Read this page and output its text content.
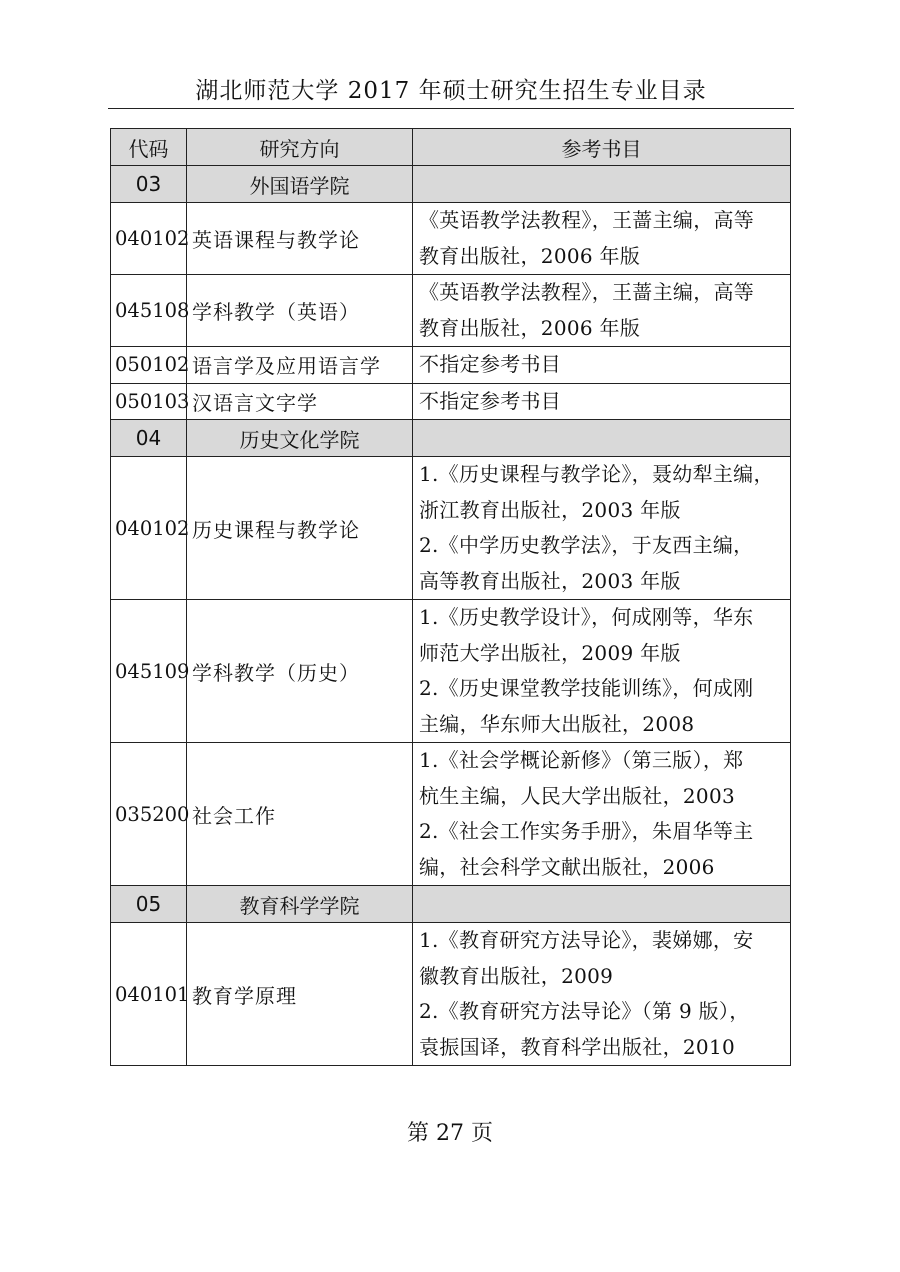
湖北师范大学 2017 年硕士研究生招生专业目录
代码	研究方向	参考书目
03	外国语学院	
040102	英语课程与教学论	《英语教学法教程》，王蔷主编，高等
教育出版社，2006 年版

045108	学科教学（英语）	《英语教学法教程》，王蔷主编，高等
教育出版社，2006 年版

050102	语言学及应用语言学	不指定参考书目

050103	汉语言文字学	不指定参考书目

04	历史文化学院	
040102	历史课程与教学论	1.《历史课程与教学论》，聂幼犁主编，
浙江教育出版社，2003 年版
2.《中学历史教学法》，于友西主编，
高等教育出版社，2003 年版

045109	学科教学（历史）	1.《历史教学设计》，何成刚等，华东
师范大学出版社，2009 年版
2.《历史课堂教学技能训练》，何成刚
主编，华东师大出版社，2008

035200	社会工作	1.《社会学概论新修》（第三版），郑
杭生主编，人民大学出版社，2003
2.《社会工作实务手册》，朱眉华等主
编，社会科学文献出版社，2006

05	教育科学学院	
040101	教育学原理	1.《教育研究方法导论》，裴娣娜，安
徽教育出版社，2009
2.《教育研究方法导论》（第 9 版），
袁振国译，教育科学出版社，2010
第 27 页
